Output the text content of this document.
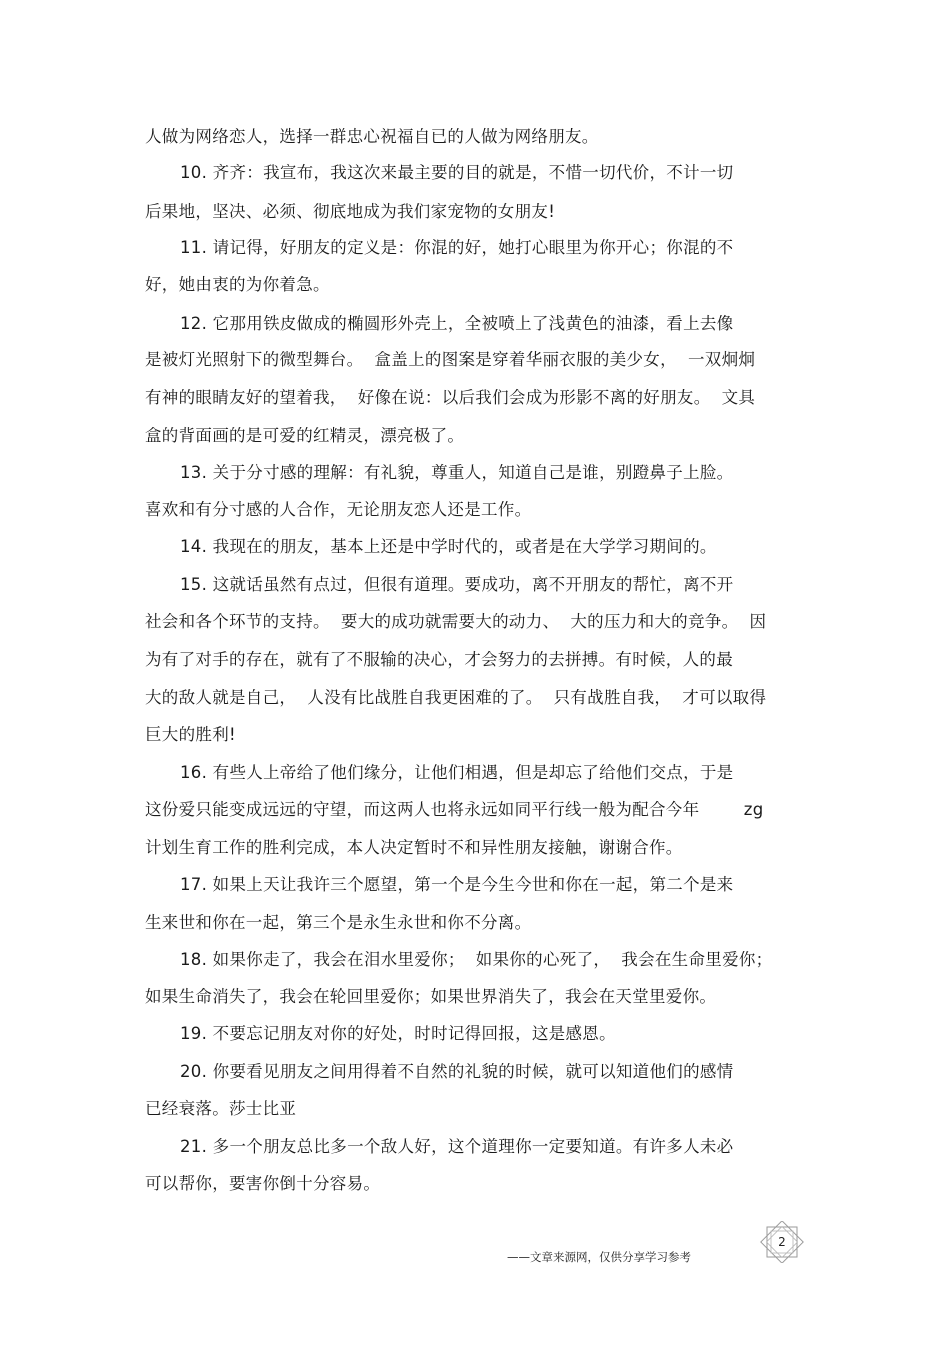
人做为网络恋人，选择一群忠心祝福自已的人做为网络朋友。
10. 齐齐：我宣布，我这次来最主要的目的就是，不惜一切代价，不计一切
后果地，坚决、必须、彻底地成为我们家宠物的女朋友!
11. 请记得，好朋友的定义是：你混的好，她打心眼里为你开心；你混的不
好，她由衷的为你着急。
12. 它那用铁皮做成的椭圆形外壳上，全被喷上了浅黄色的油漆，看上去像
是被灯光照射下的微型舞台。  盒盖上的图案是穿着华丽衣服的美少女，  一双炯炯
有神的眼睛友好的望着我，  好像在说：以后我们会成为形影不离的好朋友。  文具
盒的背面画的是可爱的红精灵，漂亮极了。
13. 关于分寸感的理解：有礼貌，尊重人，知道自己是谁，别蹬鼻子上脸。
喜欢和有分寸感的人合作，无论朋友恋人还是工作。
14. 我现在的朋友，基本上还是中学时代的，或者是在大学学习期间的。
15. 这就话虽然有点过，但很有道理。要成功，离不开朋友的帮忙，离不开
社会和各个环节的支持。  要大的成功就需要大的动力、  大的压力和大的竞争。  因
为有了对手的存在，就有了不服输的决心，才会努力的去拼搏。有时候，人的最
大的敌人就是自己，  人没有比战胜自我更困难的了。  只有战胜自我，  才可以取得
巨大的胜利!
16. 有些人上帝给了他们缘分，让他们相遇，但是却忘了给他们交点，于是
这份爱只能变成远远的守望，而这两人也将永远如同平行线一般为配合今年        zg
计划生育工作的胜利完成，本人决定暂时不和异性朋友接触，谢谢合作。
17. 如果上天让我许三个愿望，第一个是今生今世和你在一起，第二个是来
生来世和你在一起，第三个是永生永世和你不分离。
18. 如果你走了，我会在泪水里爱你；  如果你的心死了，  我会在生命里爱你；
如果生命消失了，我会在轮回里爱你；如果世界消失了，我会在天堂里爱你。
19. 不要忘记朋友对你的好处，时时记得回报，这是感恩。
20. 你要看见朋友之间用得着不自然的礼貌的时候，就可以知道他们的感情
已经衰落。莎士比亚
21. 多一个朋友总比多一个敌人好，这个道理你一定要知道。有许多人未必
可以帮你，要害你倒十分容易。
——文章来源网，仅供分享学习参考
2
